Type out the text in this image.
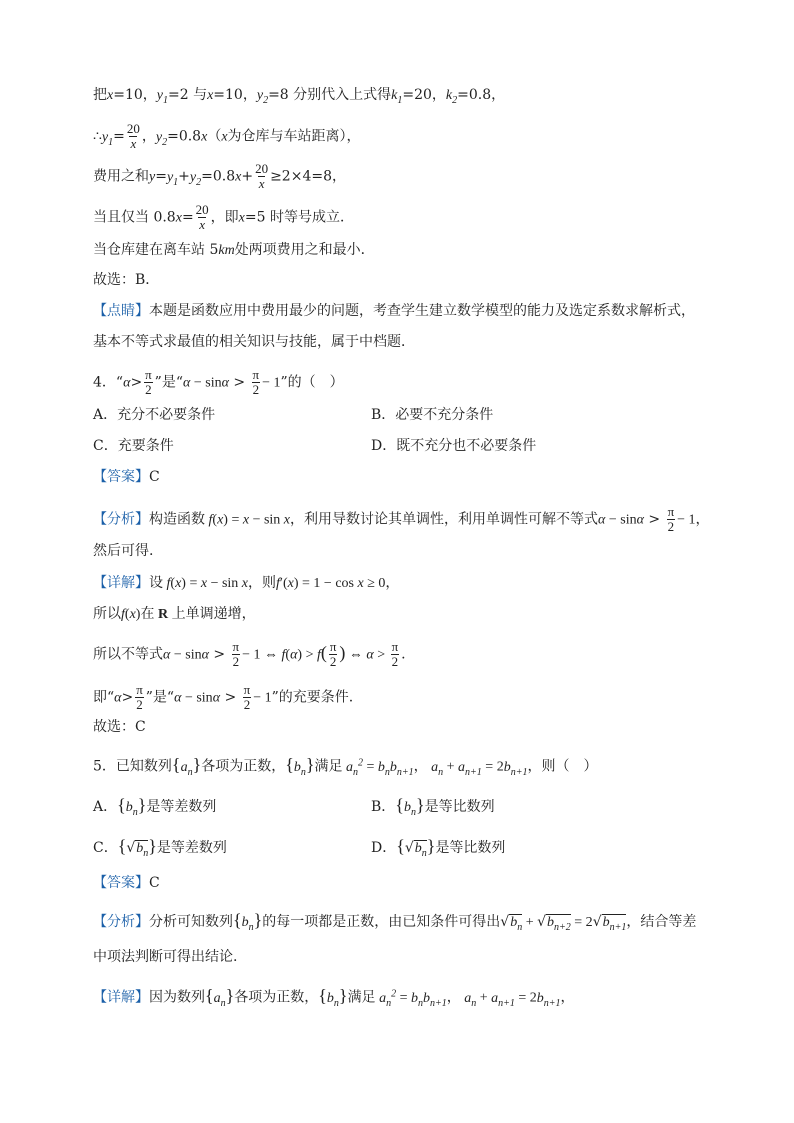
把x=10，$y_1=2$ 与x=10，$y_2=8$ 分别代入上式得$k_1=20$，$k_2=0.8$，
$\therefore y_1= \frac{20}{x}$ ，$y_2=0.8x(x$为仓库与车站距离），
费用之和$y=y_1+y_2=0.8x+ \frac{20}{x} \ge 2\times 4=8$，
当且仅当 $0.8x= \frac{20}{x}$ ，即x=5 时等号成立．
当仓库建在离车站 5km处两项费用之和最小．
故选：B．
【点睛】本题是函数应用中费用最少的问题，考查学生建立数学模型的能力及选定系数求解析式，
基本不等式求最值的相关知识与技能，属于中档题．
4．“$\alpha> \frac{\pi}{2}$ ”是“$\alpha - \sin\alpha > \frac{\pi}{2} - 1$”的（　）
A．充分不必要条件	B．必要不充分条件
C．充要条件	D．既不充分也不必要条件
【答案】C
【分析】构造函数 f(x) = x − sin x，利用导数讨论其单调性，利用单调性可解不等式$\alpha - \sin\alpha > \frac{\pi}{2} - 1$，
然后可得.
【详解】设 f(x) = x − sin x，则f′(x) = 1 − cos x ≥ 0，
所以f(x)在 R 上单调递增，
所以不等式$\alpha - \sin\alpha > \frac{\pi}{2} - 1$ ⇔ $f(\alpha) > f( \frac{\pi}{2}$ ) ⇔ $\alpha > \frac{\pi}{2}$ .
即“$\alpha> \frac{\pi}{2}$ ”是“$\alpha - \sin\alpha > \frac{\pi}{2} - 1$”的充要条件.
故选：C
5．已知数列$\{a_n\}$各项为正数，$\{b_n\}$满足 $a_n^2 = b_nb_{n+1}$， $a_n + a_{n+1} = 2b_{n+1}$，则（　）
A．$\{b_n\}$是等差数列	B．$\{b_n\}$是等比数列
C．$\{√b_n\}$是等差数列	D．$\{√b_n\}$是等比数列
【答案】C
【分析】分析可知数列$\{b_n\}$的每一项都是正数，由已知条件可得出$√b_n + √b_{n+2} = 2√b_{n+1}$，结合等差
中项法判断可得出结论.
【详解】因为数列$\{a_n\}$各项为正数，$\{b_n\}$满足 $a_n^2 = b_nb_{n+1}$， $a_n + a_{n+1} = 2b_{n+1}$，
